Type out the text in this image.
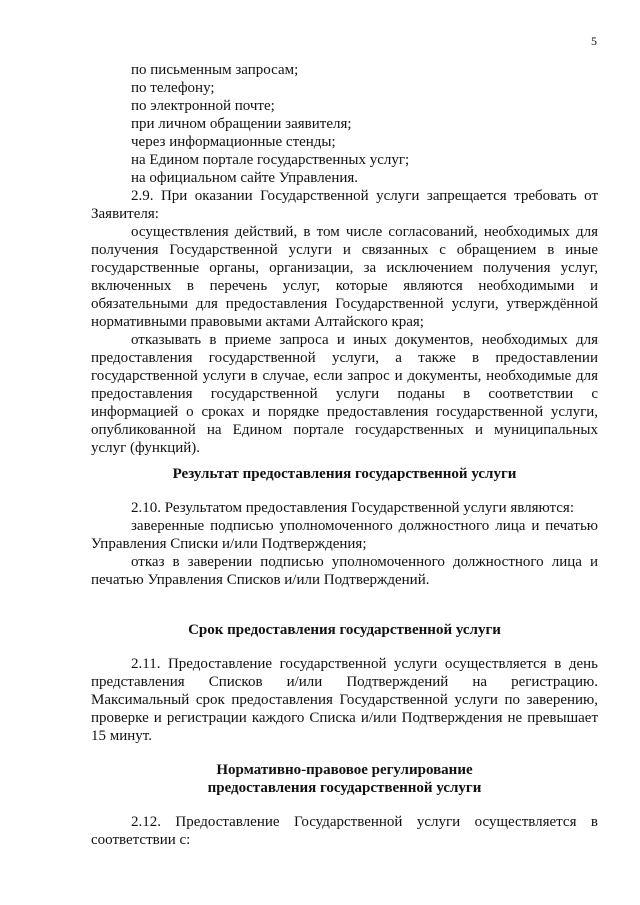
5
по письменным запросам;
по телефону;
по электронной почте;
при личном обращении заявителя;
через информационные стенды;
на Едином портале государственных услуг;
на официальном сайте Управления.
2.9. При оказании Государственной услуги запрещается требовать от
Заявителя:
осуществления действий, в том числе согласований, необходимых для
получения Государственной услуги и связанных с обращением в иные
государственные органы, организации, за исключением получения услуг,
включенных в перечень услуг, которые являются необходимыми и
обязательными для предоставления Государственной услуги, утверждённой
нормативными правовыми актами Алтайского края;
отказывать в приеме запроса и иных документов, необходимых для
предоставления государственной услуги, а также в предоставлении
государственной услуги в случае, если запрос и документы, необходимые для
предоставления государственной услуги поданы в соответствии с
информацией о сроках и порядке предоставления государственной услуги,
опубликованной на Едином портале государственных и муниципальных
услуг (функций).
Результат предоставления государственной услуги
2.10. Результатом предоставления Государственной услуги являются:
заверенные подписью уполномоченного должностного лица и печатью
Управления Списки и/или Подтверждения;
отказ в заверении подписью уполномоченного должностного лица и
печатью Управления Списков и/или Подтверждений.
Срок предоставления государственной услуги
2.11. Предоставление государственной услуги осуществляется в день
представления Списков и/или Подтверждений на регистрацию.
Максимальный срок предоставления Государственной услуги по заверению,
проверке и регистрации каждого Списка и/или Подтверждения не превышает
15 минут.
Нормативно-правовое регулирование
предоставления государственной услуги
2.12. Предоставление Государственной услуги осуществляется в
соответствии с:
